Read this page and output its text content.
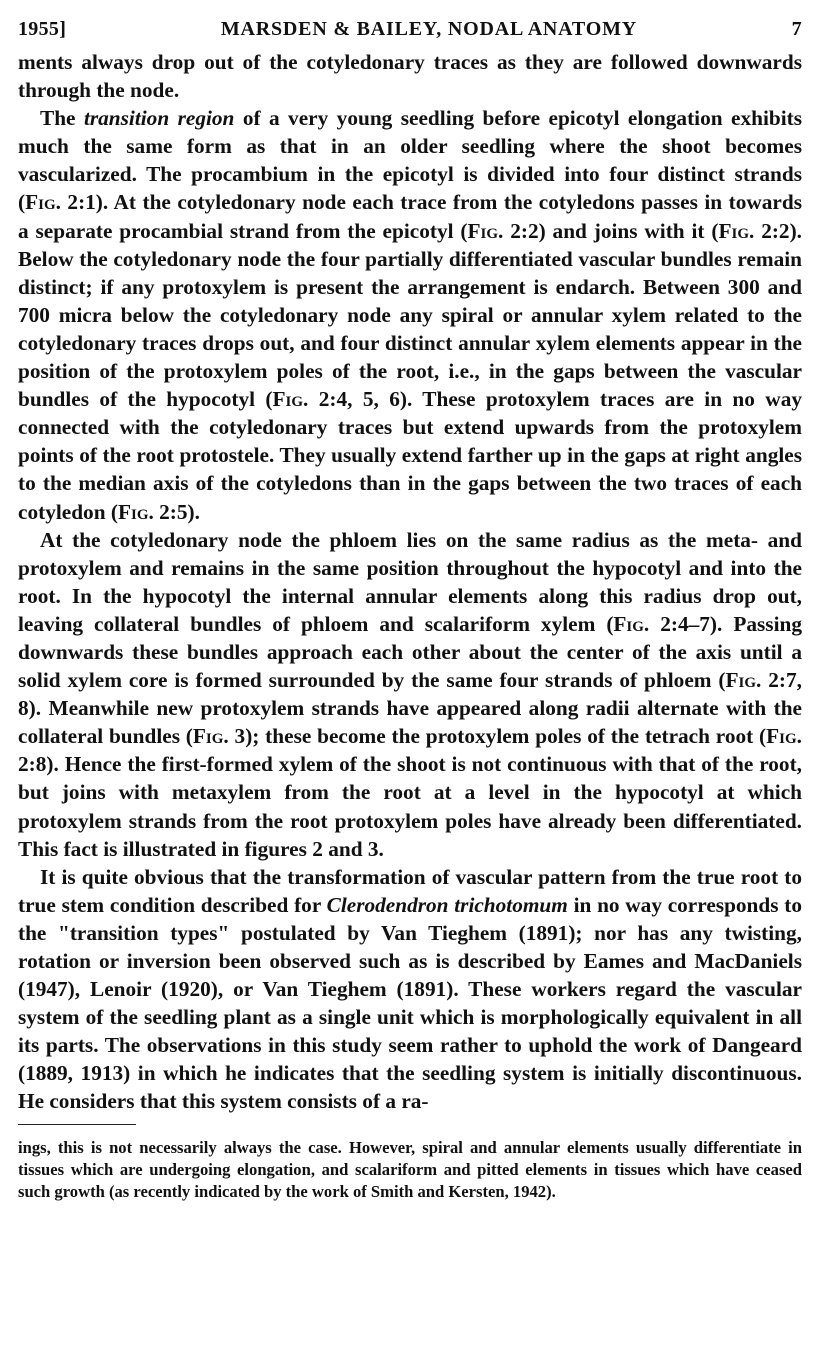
1955]	MARSDEN & BAILEY, NODAL ANATOMY	7

ments always drop out of the cotyledonary traces as they are followed downwards through the node.

The transition region of a very young seedling before epicotyl elongation exhibits much the same form as that in an older seedling where the shoot becomes vascularized. The procambium in the epicotyl is divided into four distinct strands (Fig. 2:1). At the cotyledonary node each trace from the cotyledons passes in towards a separate procambial strand from the epicotyl (Fig. 2:2) and joins with it (Fig. 2:2). Below the cotyledonary node the four partially differentiated vascular bundles remain distinct; if any protoxylem is present the arrangement is endarch. Between 300 and 700 micra below the cotyledonary node any spiral or annular xylem related to the cotyledonary traces drops out, and four distinct annular xylem elements appear in the position of the protoxylem poles of the root, i.e., in the gaps between the vascular bundles of the hypocotyl (Fig. 2:4, 5, 6). These protoxylem traces are in no way connected with the cotyledonary traces but extend upwards from the protoxylem points of the root protostele. They usually extend farther up in the gaps at right angles to the median axis of the cotyledons than in the gaps between the two traces of each cotyledon (Fig. 2:5).

At the cotyledonary node the phloem lies on the same radius as the meta- and protoxylem and remains in the same position throughout the hypocotyl and into the root. In the hypocotyl the internal annular elements along this radius drop out, leaving collateral bundles of phloem and scalariform xylem (Fig. 2:4–7). Passing downwards these bundles approach each other about the center of the axis until a solid xylem core is formed surrounded by the same four strands of phloem (Fig. 2:7, 8). Meanwhile new protoxylem strands have appeared along radii alternate with the collateral bundles (Fig. 3); these become the protoxylem poles of the tetrach root (Fig. 2:8). Hence the first-formed xylem of the shoot is not continuous with that of the root, but joins with metaxylem from the root at a level in the hypocotyl at which protoxylem strands from the root protoxylem poles have already been differentiated. This fact is illustrated in figures 2 and 3.

It is quite obvious that the transformation of vascular pattern from the true root to true stem condition described for Clerodendron trichotomum in no way corresponds to the "transition types" postulated by Van Tieghem (1891); nor has any twisting, rotation or inversion been observed such as is described by Eames and MacDaniels (1947), Lenoir (1920), or Van Tieghem (1891). These workers regard the vascular system of the seedling plant as a single unit which is morphologically equivalent in all its parts. The observations in this study seem rather to uphold the work of Dangeard (1889, 1913) in which he indicates that the seedling system is initially discontinuous. He considers that this system consists of a ra-

ings, this is not necessarily always the case. However, spiral and annular elements usually differentiate in tissues which are undergoing elongation, and scalariform and pitted elements in tissues which have ceased such growth (as recently indicated by the work of Smith and Kersten, 1942).
